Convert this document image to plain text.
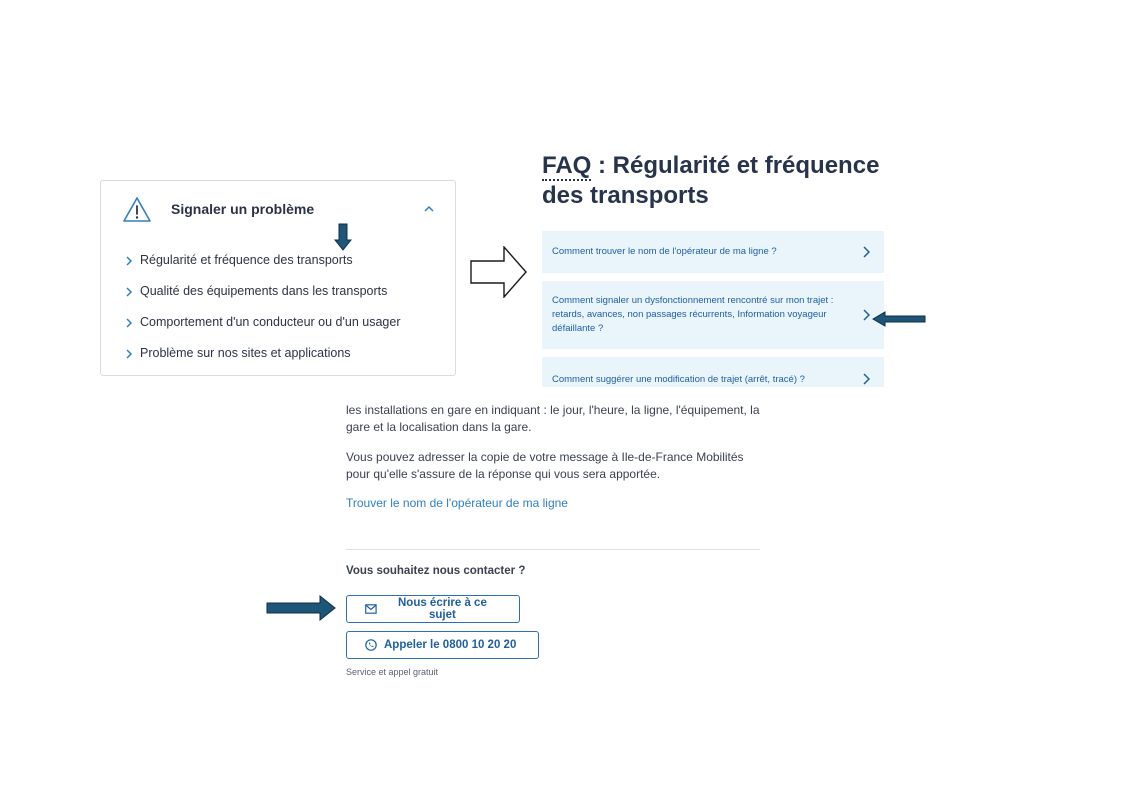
Signaler un problème
Régularité et fréquence des transports
Qualité des équipements dans les transports
Comportement d'un conducteur ou d'un usager
Problème sur nos sites et applications
FAQ : Régularité et fréquence des transports
Comment trouver le nom de l'opérateur de ma ligne ?
Comment signaler un dysfonctionnement rencontré sur mon trajet : retards, avances, non passages récurrents, Information voyageur défaillante ?
Comment suggérer une modification de trajet (arrêt, tracé) ?

les installations en gare en indiquant : le jour, l'heure, la ligne, l'équipement, la gare et la localisation dans la gare.

Vous pouvez adresser la copie de votre message à Ile-de-France Mobilités pour qu'elle s'assure de la réponse qui vous sera apportée.

Trouver le nom de l'opérateur de ma ligne
Vous souhaitez nous contacter ?
Nous écrire à ce sujet
Appeler le 0800 10 20 20
Service et appel gratuit
